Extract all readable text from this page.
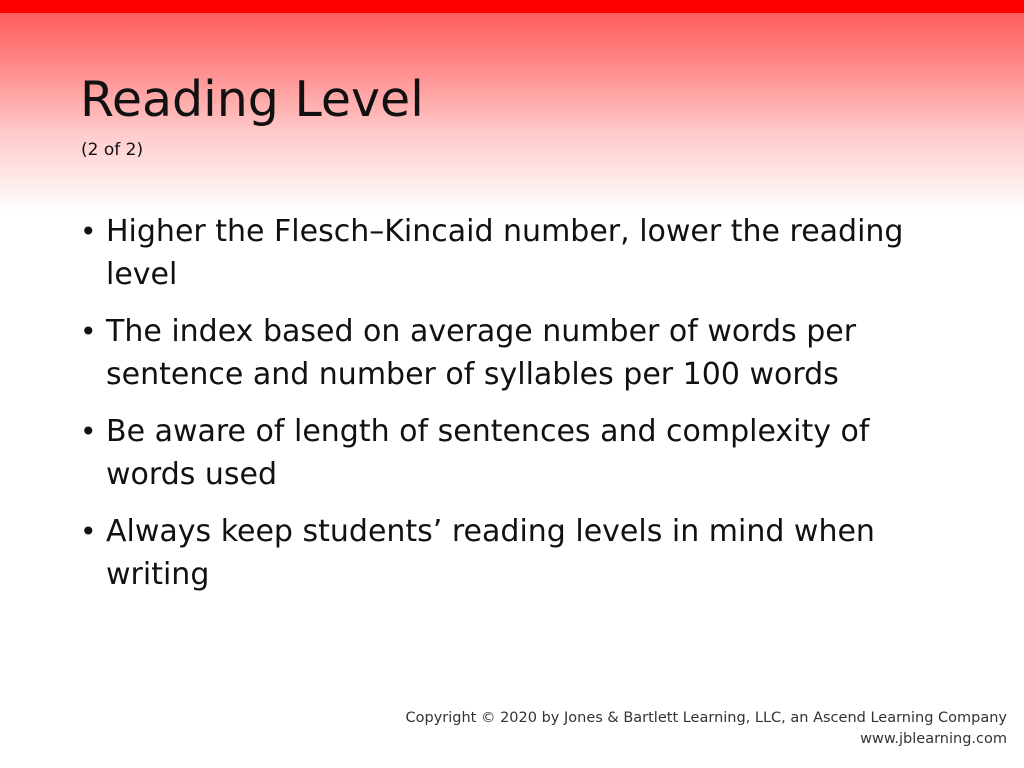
Reading Level
(2 of 2)
• Higher the Flesch–Kincaid number, lower the reading level
• The index based on average number of words per sentence and number of syllables per 100 words
• Be aware of length of sentences and complexity of words used
• Always keep students’ reading levels in mind when writing
Copyright © 2020 by Jones & Bartlett Learning, LLC, an Ascend Learning Company
www.jblearning.com
